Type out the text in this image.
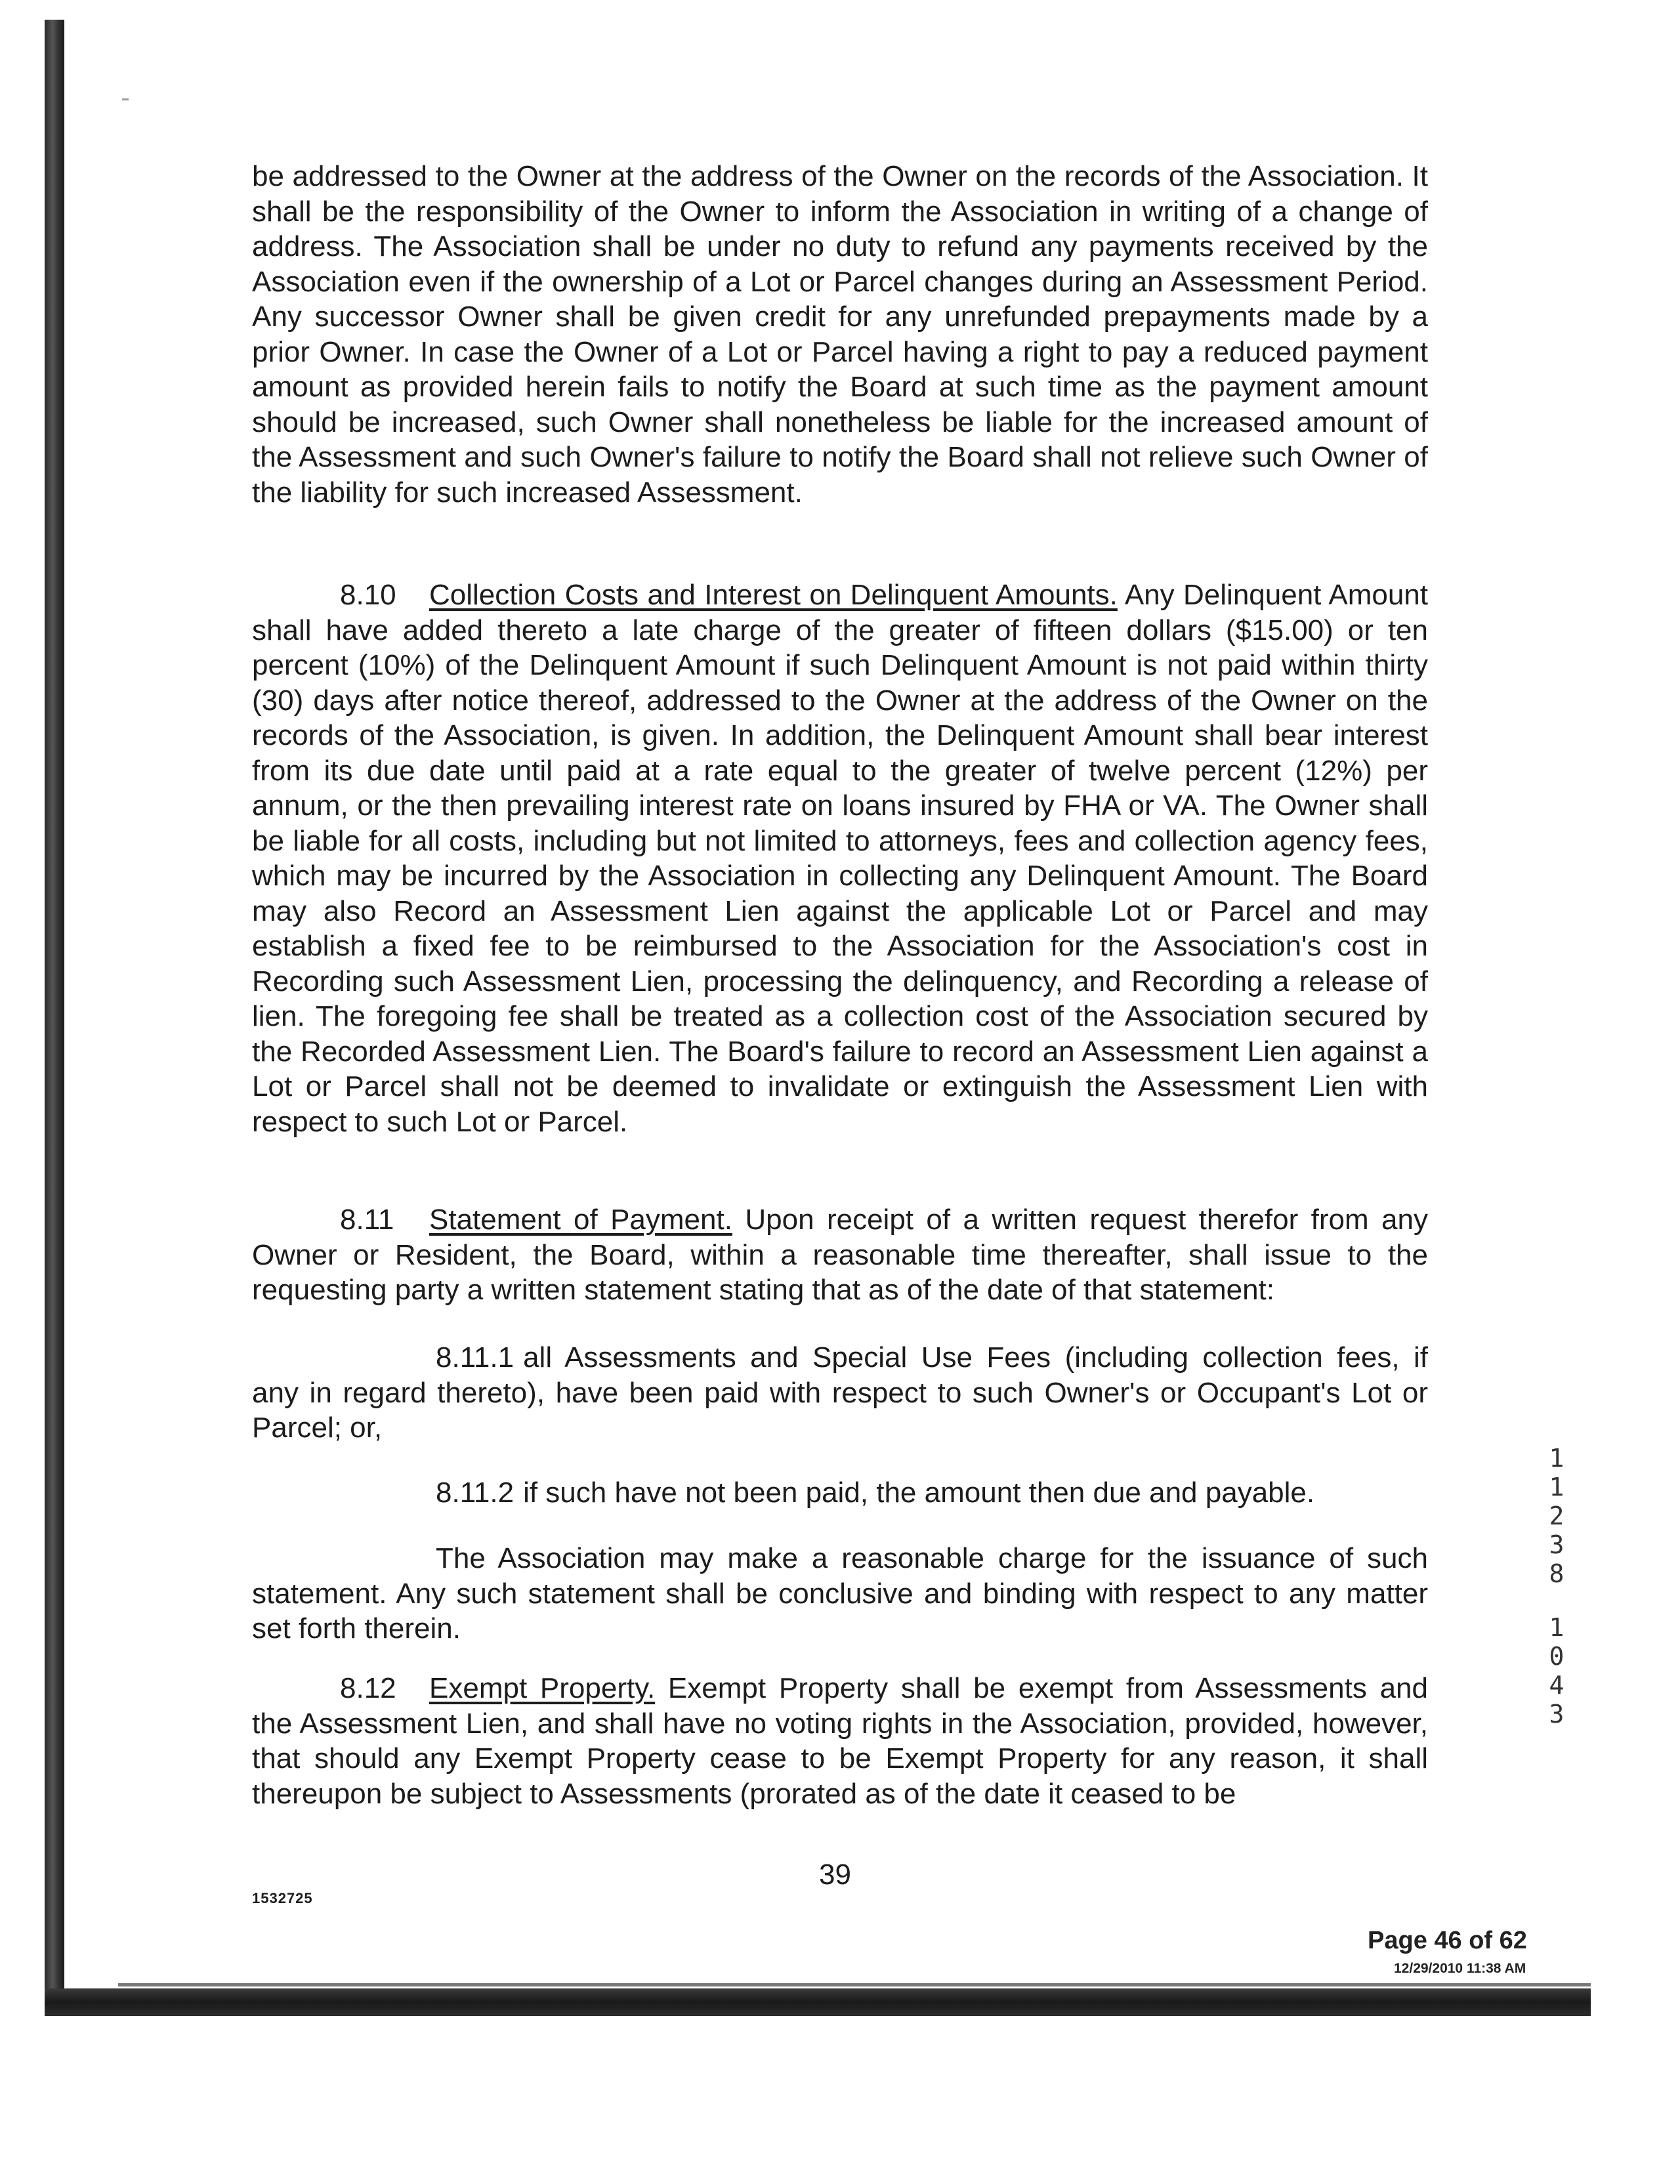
be addressed to the Owner at the address of the Owner on the records of the Association. It shall be the responsibility of the Owner to inform the Association in writing of a change of address. The Association shall be under no duty to refund any payments received by the Association even if the ownership of a Lot or Parcel changes during an Assessment Period. Any successor Owner shall be given credit for any unrefunded prepayments made by a prior Owner. In case the Owner of a Lot or Parcel having a right to pay a reduced payment amount as provided herein fails to notify the Board at such time as the payment amount should be increased, such Owner shall nonetheless be liable for the increased amount of the Assessment and such Owner's failure to notify the Board shall not relieve such Owner of the liability for such increased Assessment.

8.10 Collection Costs and Interest on Delinquent Amounts. Any Delinquent Amount shall have added thereto a late charge of the greater of fifteen dollars ($15.00) or ten percent (10%) of the Delinquent Amount if such Delinquent Amount is not paid within thirty (30) days after notice thereof, addressed to the Owner at the address of the Owner on the records of the Association, is given. In addition, the Delinquent Amount shall bear interest from its due date until paid at a rate equal to the greater of twelve percent (12%) per annum, or the then prevailing interest rate on loans insured by FHA or VA. The Owner shall be liable for all costs, including but not limited to attorneys, fees and collection agency fees, which may be incurred by the Association in collecting any Delinquent Amount. The Board may also Record an Assessment Lien against the applicable Lot or Parcel and may establish a fixed fee to be reimbursed to the Association for the Association's cost in Recording such Assessment Lien, processing the delinquency, and Recording a release of lien. The foregoing fee shall be treated as a collection cost of the Association secured by the Recorded Assessment Lien. The Board's failure to record an Assessment Lien against a Lot or Parcel shall not be deemed to invalidate or extinguish the Assessment Lien with respect to such Lot or Parcel.

8.11 Statement of Payment. Upon receipt of a written request therefor from any Owner or Resident, the Board, within a reasonable time thereafter, shall issue to the requesting party a written statement stating that as of the date of that statement:

8.11.1 all Assessments and Special Use Fees (including collection fees, if any in regard thereto), have been paid with respect to such Owner's or Occupant's Lot or Parcel; or,

8.11.2 if such have not been paid, the amount then due and payable.

The Association may make a reasonable charge for the issuance of such statement. Any such statement shall be conclusive and binding with respect to any matter set forth therein.

8.12 Exempt Property. Exempt Property shall be exempt from Assessments and the Assessment Lien, and shall have no voting rights in the Association, provided, however, that should any Exempt Property cease to be Exempt Property for any reason, it shall thereupon be subject to Assessments (prorated as of the date it ceased to be

39
1532725
Page 46 of 62
12/29/2010 11:38 AM
1
1
2
3
8
1
0
4
3
